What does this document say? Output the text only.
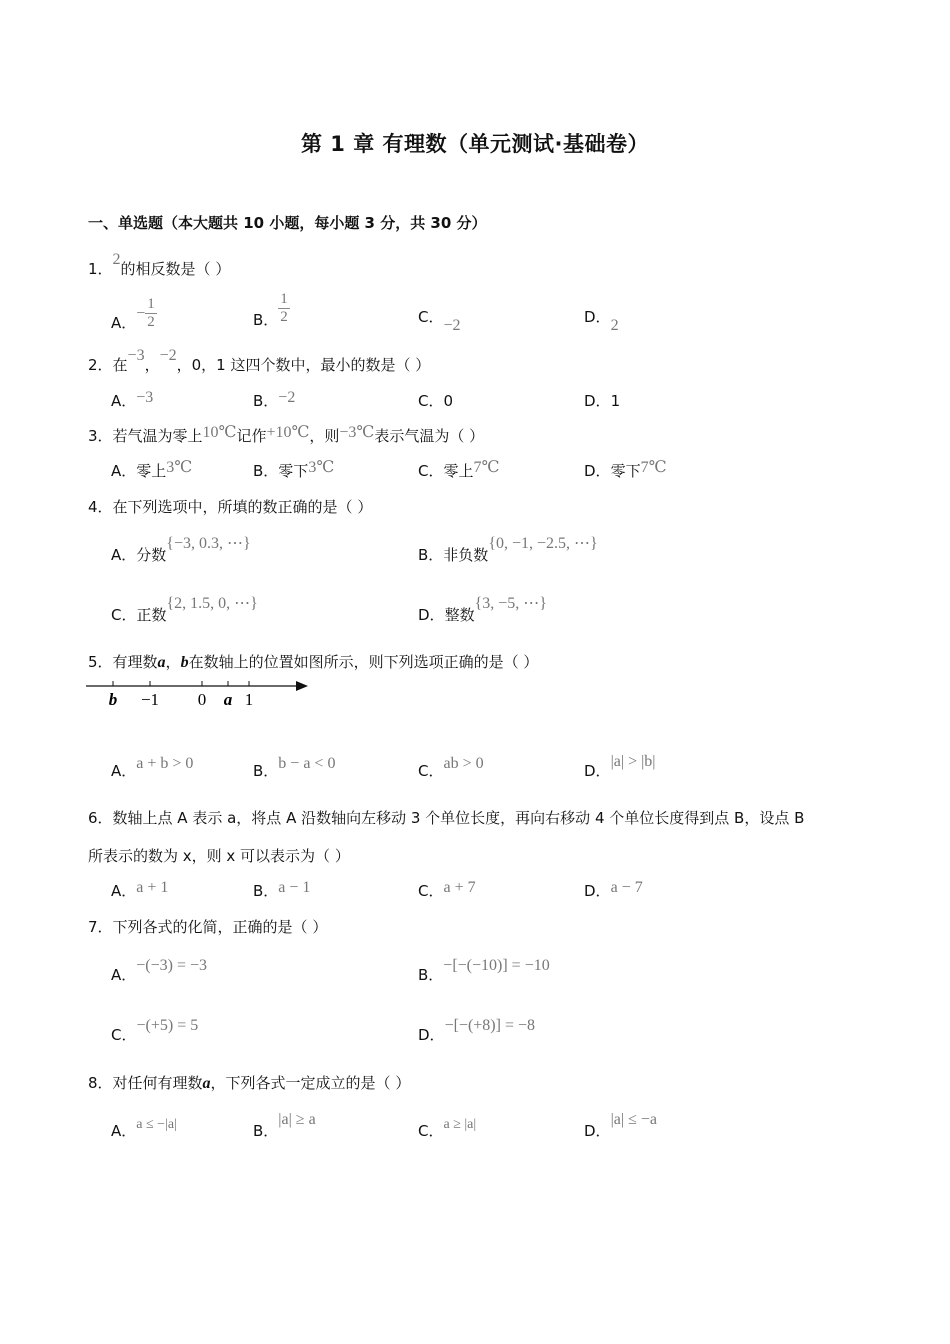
第 1 章 有理数（单元测试·基础卷）
一、单选题（本大题共 10 小题，每小题 3 分，共 30 分）
1．2的相反数是（ ）
A．− $\frac{1}{2}$	B． $\frac{1}{2}$	C．−2	D．2
2．在−3，−2，0，1 这四个数中，最小的数是（ ）
A．−3	B．−2	C．0	D．1
3．若气温为零上10℃记作+10℃，则−3℃表示气温为（ ）
A．零上3℃	B．零下3℃	C．零上7℃	D．零下7℃
4．在下列选项中，所填的数正确的是（ ）
A．分数{−3, 0.3, ⋯}
B．非负数{0, −1, −2.5, ⋯}
C．正数{2, 1.5, 0, ⋯}
D．整数{3, −5, ⋯}
5．有理数a，b在数轴上的位置如图所示，则下列选项正确的是（ ）
b −1 0 a 1
A．a + b > 0	B．b − a < 0	C．ab > 0	D．|a| > |b|
6．数轴上点 A 表示 a，将点 A 沿数轴向左移动 3 个单位长度，再向右移动 4 个单位长度得到点 B，设点 B
所表示的数为 x，则 x 可以表示为（ ）
A．a + 1	B．a − 1	C．a + 7	D．a − 7
7．下列各式的化简，正确的是（ ）
A．−(−3) = −3
B．−[−(−10)] = −10
C．−(+5) = 5
D．−[−(+8)] = −8
8．对任何有理数a，下列各式一定成立的是（ ）
A．a ≤ −|a|	B．|a| ≥ a
C．a ≥ |a|	D．|a| ≤ −a
